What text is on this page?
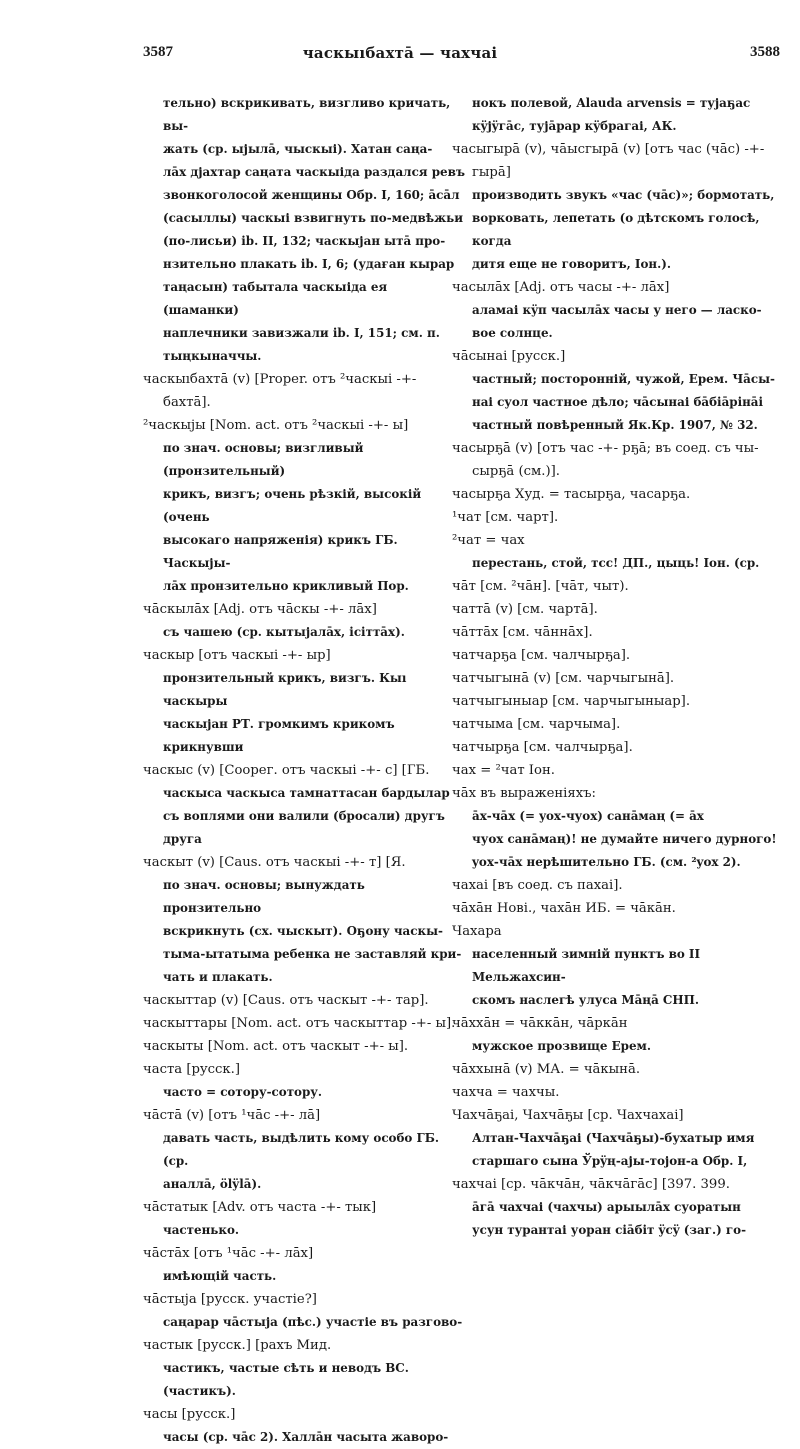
3587	часкыıбахтā — чахчаі	3588
тельно) вскрикивать, визгливо кричать, вы-
жать (ср. ыјылā, чыскыі). Хатан саңа-
лāх дјахтар саңата часкыіда раздался ревъ
звонкоголосой женщины Обр. I, 160; āсāл
(сасыллы) часкыі взвигнуть по-медвѣжьи
(по-лисьи) ib. II, 132; часкыјан ытā про-
нзительно плакать ib. I, 6; (удаған кырар
таңасын) табытала часкыіда ея (шаманки)
наплечники завизжали ib. I, 151; см. п.
тыңкыначчы.
часкыıбахтā (v) [Proper. отъ ²часкыі -+-
бахтā].
²часкыjы [Nom. act. отъ ²часкыі -+- ы]
по знач. основы; визгливый (пронзительный)
крикъ, визгъ; очень рѣзкій, высокій (очень
высокаго напряженія) крикъ ГБ. Часкыјы-
лāх пронзительно крикливый Пор.
чāскылāх [Adj. отъ чāскы -+- лāх]
съ чашею (ср. кытыјалāх, iсiттāх).
часкыр [отъ часкыі -+- ыр]
пронзительный крикъ, визгъ. Кыı часкыры
часкыјан РТ. громкимъ крикомъ крикнувши
часкыс (v) [Coopег. отъ часкыі -+- с] [ГБ.
часкыса часкыса тамнаттасан бардылар
съ воплями они валили (бросали) другъ друга
часкыт (v) [Caus. отъ часкыі -+- т] [Я.
по знач. основы; вынуждать пронзительно
вскрикнуть (сх. чыскыт). Оҕону часкы-
тыма-ытатыма ребенка не заставляй кри-
чать и плакать.
часкыттар (v) [Caus. отъ часкыт -+- тар].
часкыттары [Nom. act. отъ часкыттар -+- ы].
часкыты [Nom. act. отъ часкыт -+- ы].
часта [русск.]
часто = сотору-сотору.
чāстā (v) [отъ ¹чāс -+- лā]
давать часть, выдѣлить кому особо ГБ. (ср.
аналлā, ölÿlā).
чāстатык [Adv. отъ часта -+- тык]
частенько.
чāстāх [отъ ¹чāс -+- лāх]
имѣющій часть.
чāстыја [русск. участіе?]
саңарар чāстыја (пѣс.) участіе въ разгово-
частык [русск.] [рахъ Мид.
частикъ, частые сѣть и неводъ ВС. (частикъ).
часы [русск.]
часы (ср. чāс 2). Халлāн часыта жаворо-
нокъ полевой, Alauda arvensis = тујаҕас
кÿјÿгāс, тујāрар кÿбрагаі, АК.
часыгырā (v), чāысгырā (v) [отъ час (чāс) -+-
гырā]
производить звукъ «час (чāс)»; бормотать,
ворковать, лепетать (о дѣтскомъ голосѣ, когда
дитя еще не говоритъ, Іон.).
часылāх [Adj. отъ часы -+- лāх]
аламаі кÿп часылāх часы у него — ласко-
вое солнце.
чāсынаі [русск.]
частный; посторонній, чужой, Ерем. Чāсы-
наі суол частное дѣло; чāсынаі бāбiāрiнāi
частный повѣренный Як.Кр. 1907, № 32.
часырҕā (v) [отъ час -+- рҕā; въ соед. съ чы-
сырҕā (см.)].
часырҕа Худ. = тасырҕа, часарҕа.
¹чат [см. чарт].
²чат = чах
перестань, стой, тсс! ДП., цыць! Іон. (ср.
чāт [см. ²чāн]. [чāт, чыт).
чаттā (v) [см. чартā].
чāттāх [см. чāннāх].
чатчарҕа [см. чалчырҕа].
чатчыгынā (v) [см. чарчыгынā].
чатчыгыныар [см. чарчыгыныар].
чатчыма [см. чарчыма].
чатчырҕа [см. чалчырҕа].
чах = ²чат Іон.
чāх въ выраженіяхъ:
āх-чāх (= yох-чуох) санāмаң (= āх
чуох санāмаң)! не думайте ничего дурного!
yох-чāх нерѣшительно ГБ. (см. ²yох 2).
чахаі [въ соед. съ пахаі].
чāхāн Нові., чахāн ИБ. = чāкāн.
Чахара
населенный зимній пунктъ во II Мельжахсин-
скомъ наслегѣ улуса Мāңā СНП.
чāххāн = чāккāн, чāркāн
мужское прозвище Ерем.
чāххынā (v) МА. = чāкынā.
чахча = чахчы.
Чахчāҕаі, Чахчāҕы [ср. Чахчахаі]
Алтан-Чахчāҕаі (Чахчāҕы)-бухатыр имя
старшаго сына Ўрÿң-ајы-тојон-а Обр. I,
чахчаі [ср. чāкчāн, чāкчāгāс] [397. 399.
āгā чахчаі (чахчы) арыылāх суоратын
усун турантаі уоран сiāбiт ÿсÿ (заг.) го-
